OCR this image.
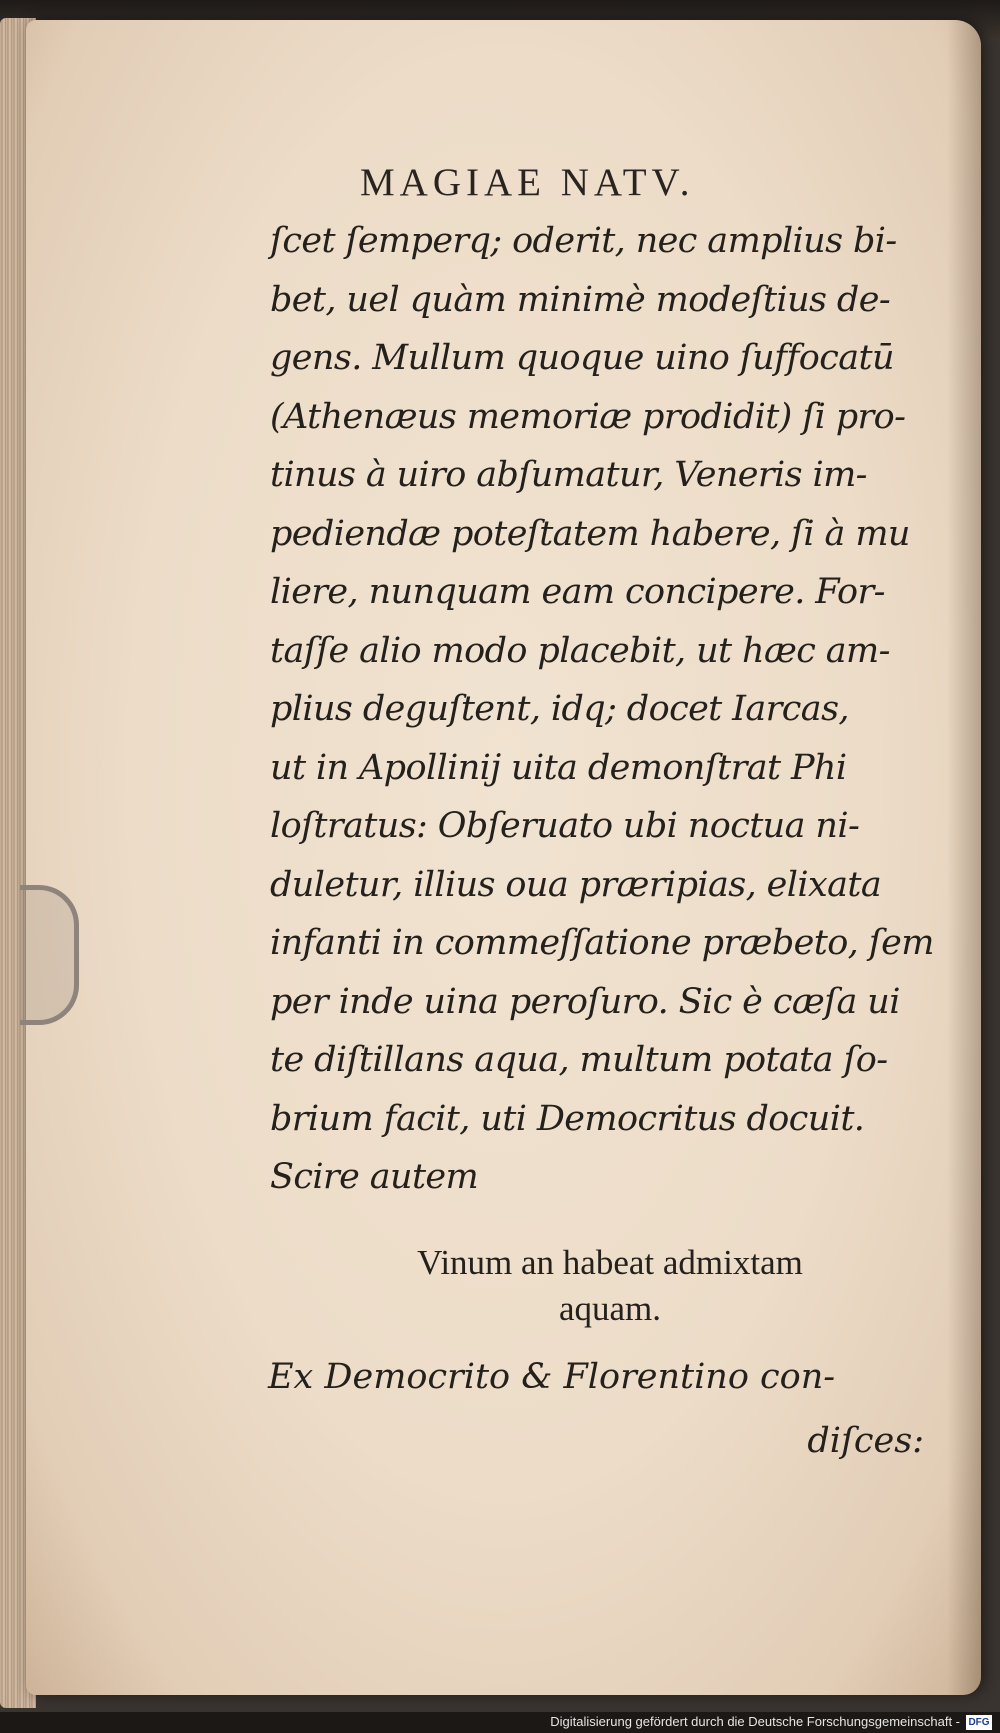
MAGIAE NATV.
ſcet ſemperq; oderit, nec amplius bi-
bet, uel quàm minimè modeſtius de-
gens. Mullum quoque uino ſuffocatū
(Athenæus memoriæ prodidit) ſi pro-
tinus à uiro abſumatur, Veneris im-
pediendæ poteſtatem habere, ſi à mu
liere, nunquam eam concipere. For-
taſſe alio modo placebit, ut hæc am-
plius deguſtent, idq; docet Iarcas,
ut in Apollinij uita demonſtrat Phi
loſtratus: Obſeruato ubi noctua ni-
duletur, illius oua præripias, elixata
infanti in commeſſatione præbeto, ſem
per inde uina peroſuro. Sic è cæſa ui
te diſtillans aqua, multum potata ſo-
brium facit, uti Democritus docuit.
Scire autem
Vinum an habeat admixtam
aquam.
Ex Democrito & Florentino con-
diſces:
Digitalisierung gefördert durch die Deutsche Forschungsgemeinschaft - DFG
